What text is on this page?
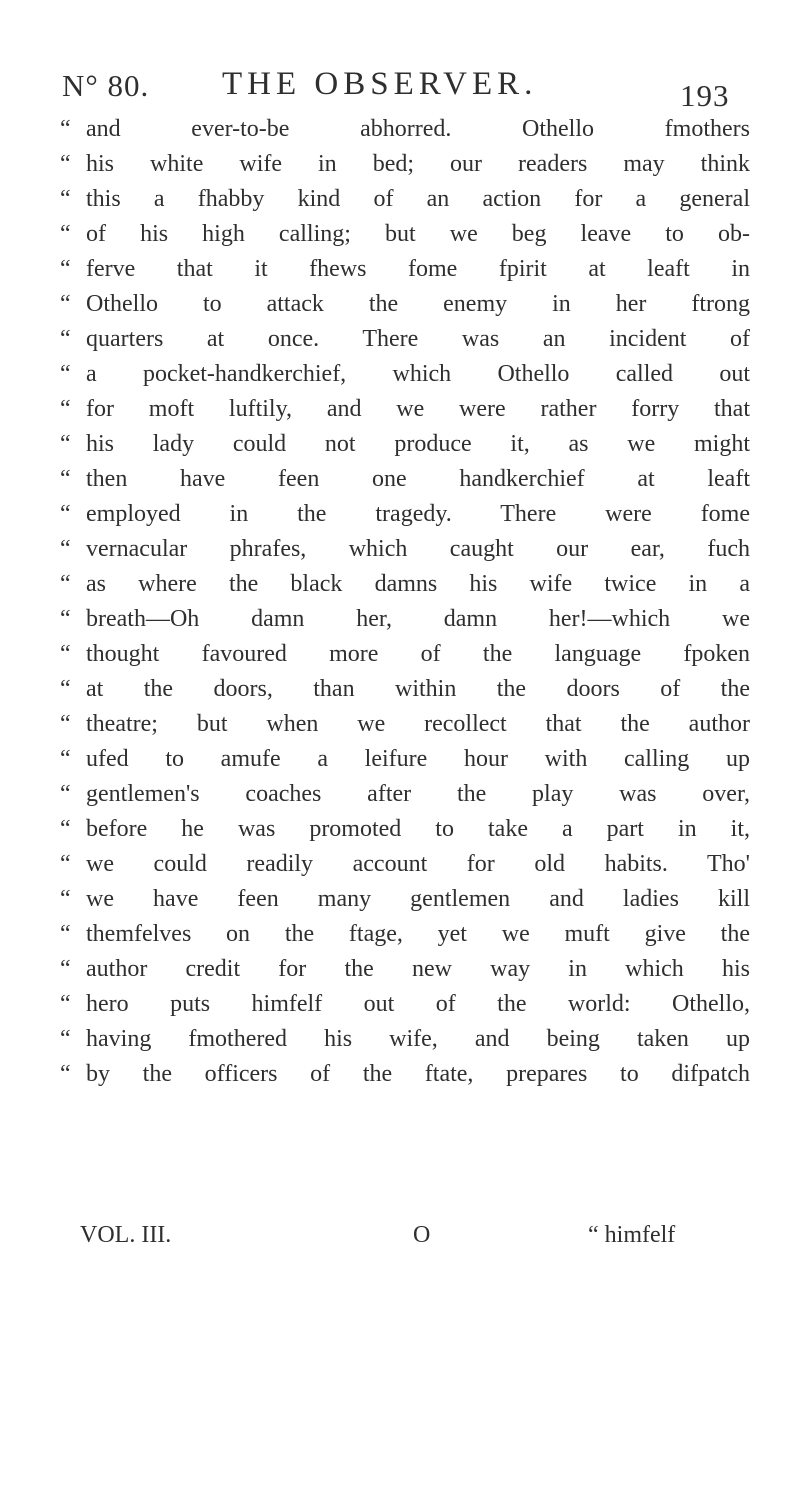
N° 80. THE OBSERVER.	193
“ and ever-to-be abhorred. Othello fmothers
“ his white wife in bed; our readers may think
“ this a fhabby kind of an action for a general
“ of his high calling; but we beg leave to ob-
“ ferve that it fhews fome fpirit at leaft in
“ Othello to attack the enemy in her ftrong
“ quarters at once. There was an incident of
“ a pocket-handkerchief, which Othello called out
“ for moft luftily, and we were rather forry that
“ his lady could not produce it, as we might
“ then have feen one handkerchief at leaft
“ employed in the tragedy. There were fome
“ vernacular phrafes, which caught our ear, fuch
“ as where the black damns his wife twice in a
“ breath—Oh damn her, damn her!—which we
“ thought favoured more of the language fpoken
“ at the doors, than within the doors of the
“ theatre; but when we recollect that the author
“ ufed to amufe a leifure hour with calling up
“ gentlemen's coaches after the play was over,
“ before he was promoted to take a part in it,
“ we could readily account for old habits. Tho'
“ we have feen many gentlemen and ladies kill
“ themfelves on the ftage, yet we muft give the
“ author credit for the new way in which his
“ hero puts himfelf out of the world: Othello,
“ having fmothered his wife, and being taken up
“ by the officers of the ftate, prepares to difpatch
VOL. III.	O	“ himfelf
